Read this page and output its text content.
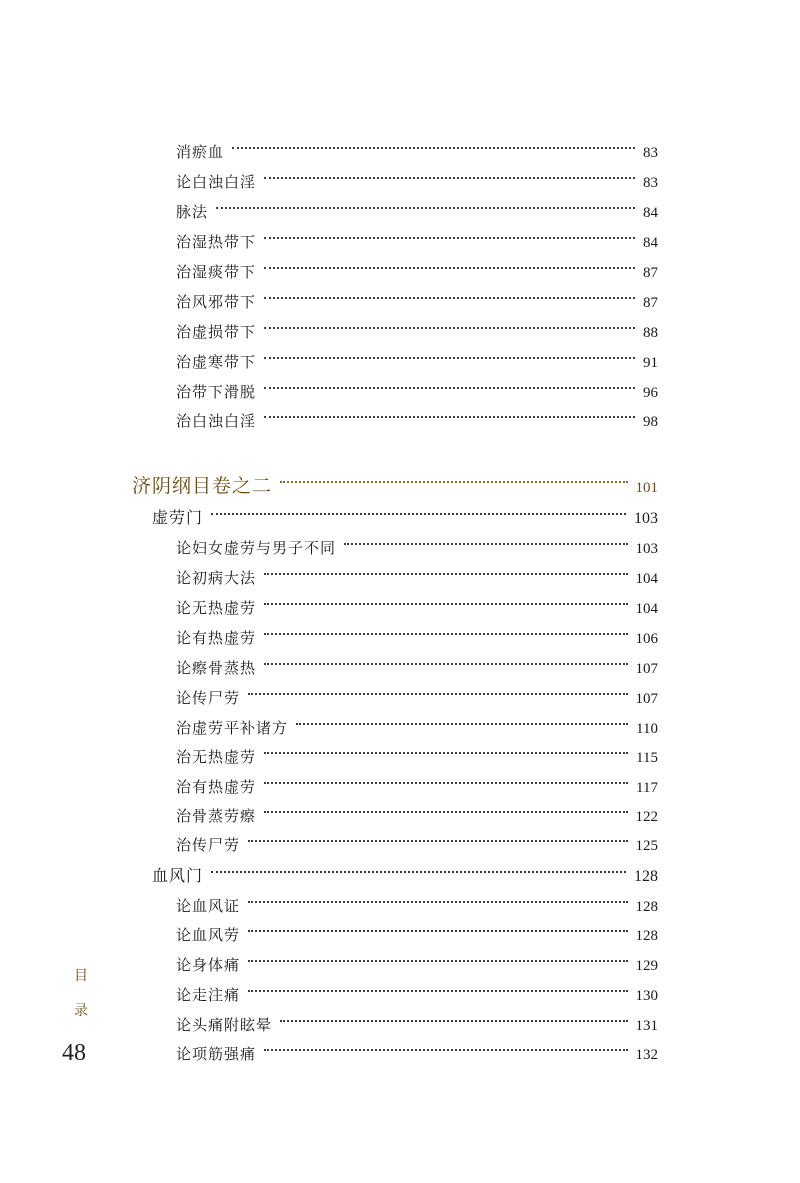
消瘀血	83
论白浊白淫	83
脉法	84
治湿热带下	84
治湿痰带下	87
治风邪带下	87
治虚损带下	88
治虚寒带下	91
治带下滑脱	96
治白浊白淫	98
济阴纲目卷之二	101
虚劳门	103
论妇女虚劳与男子不同	103
论初病大法	104
论无热虚劳	104
论有热虚劳	106
论瘵骨蒸热	107
论传尸劳	107
治虚劳平补诸方	110
治无热虚劳	115
治有热虚劳	117
治骨蒸劳瘵	122
治传尸劳	125
血风门	128
论血风证	128
论血风劳	128
论身体痛	129
论走注痛	130
论头痛附眩晕	131
论项筋强痛	132
目
录
48
